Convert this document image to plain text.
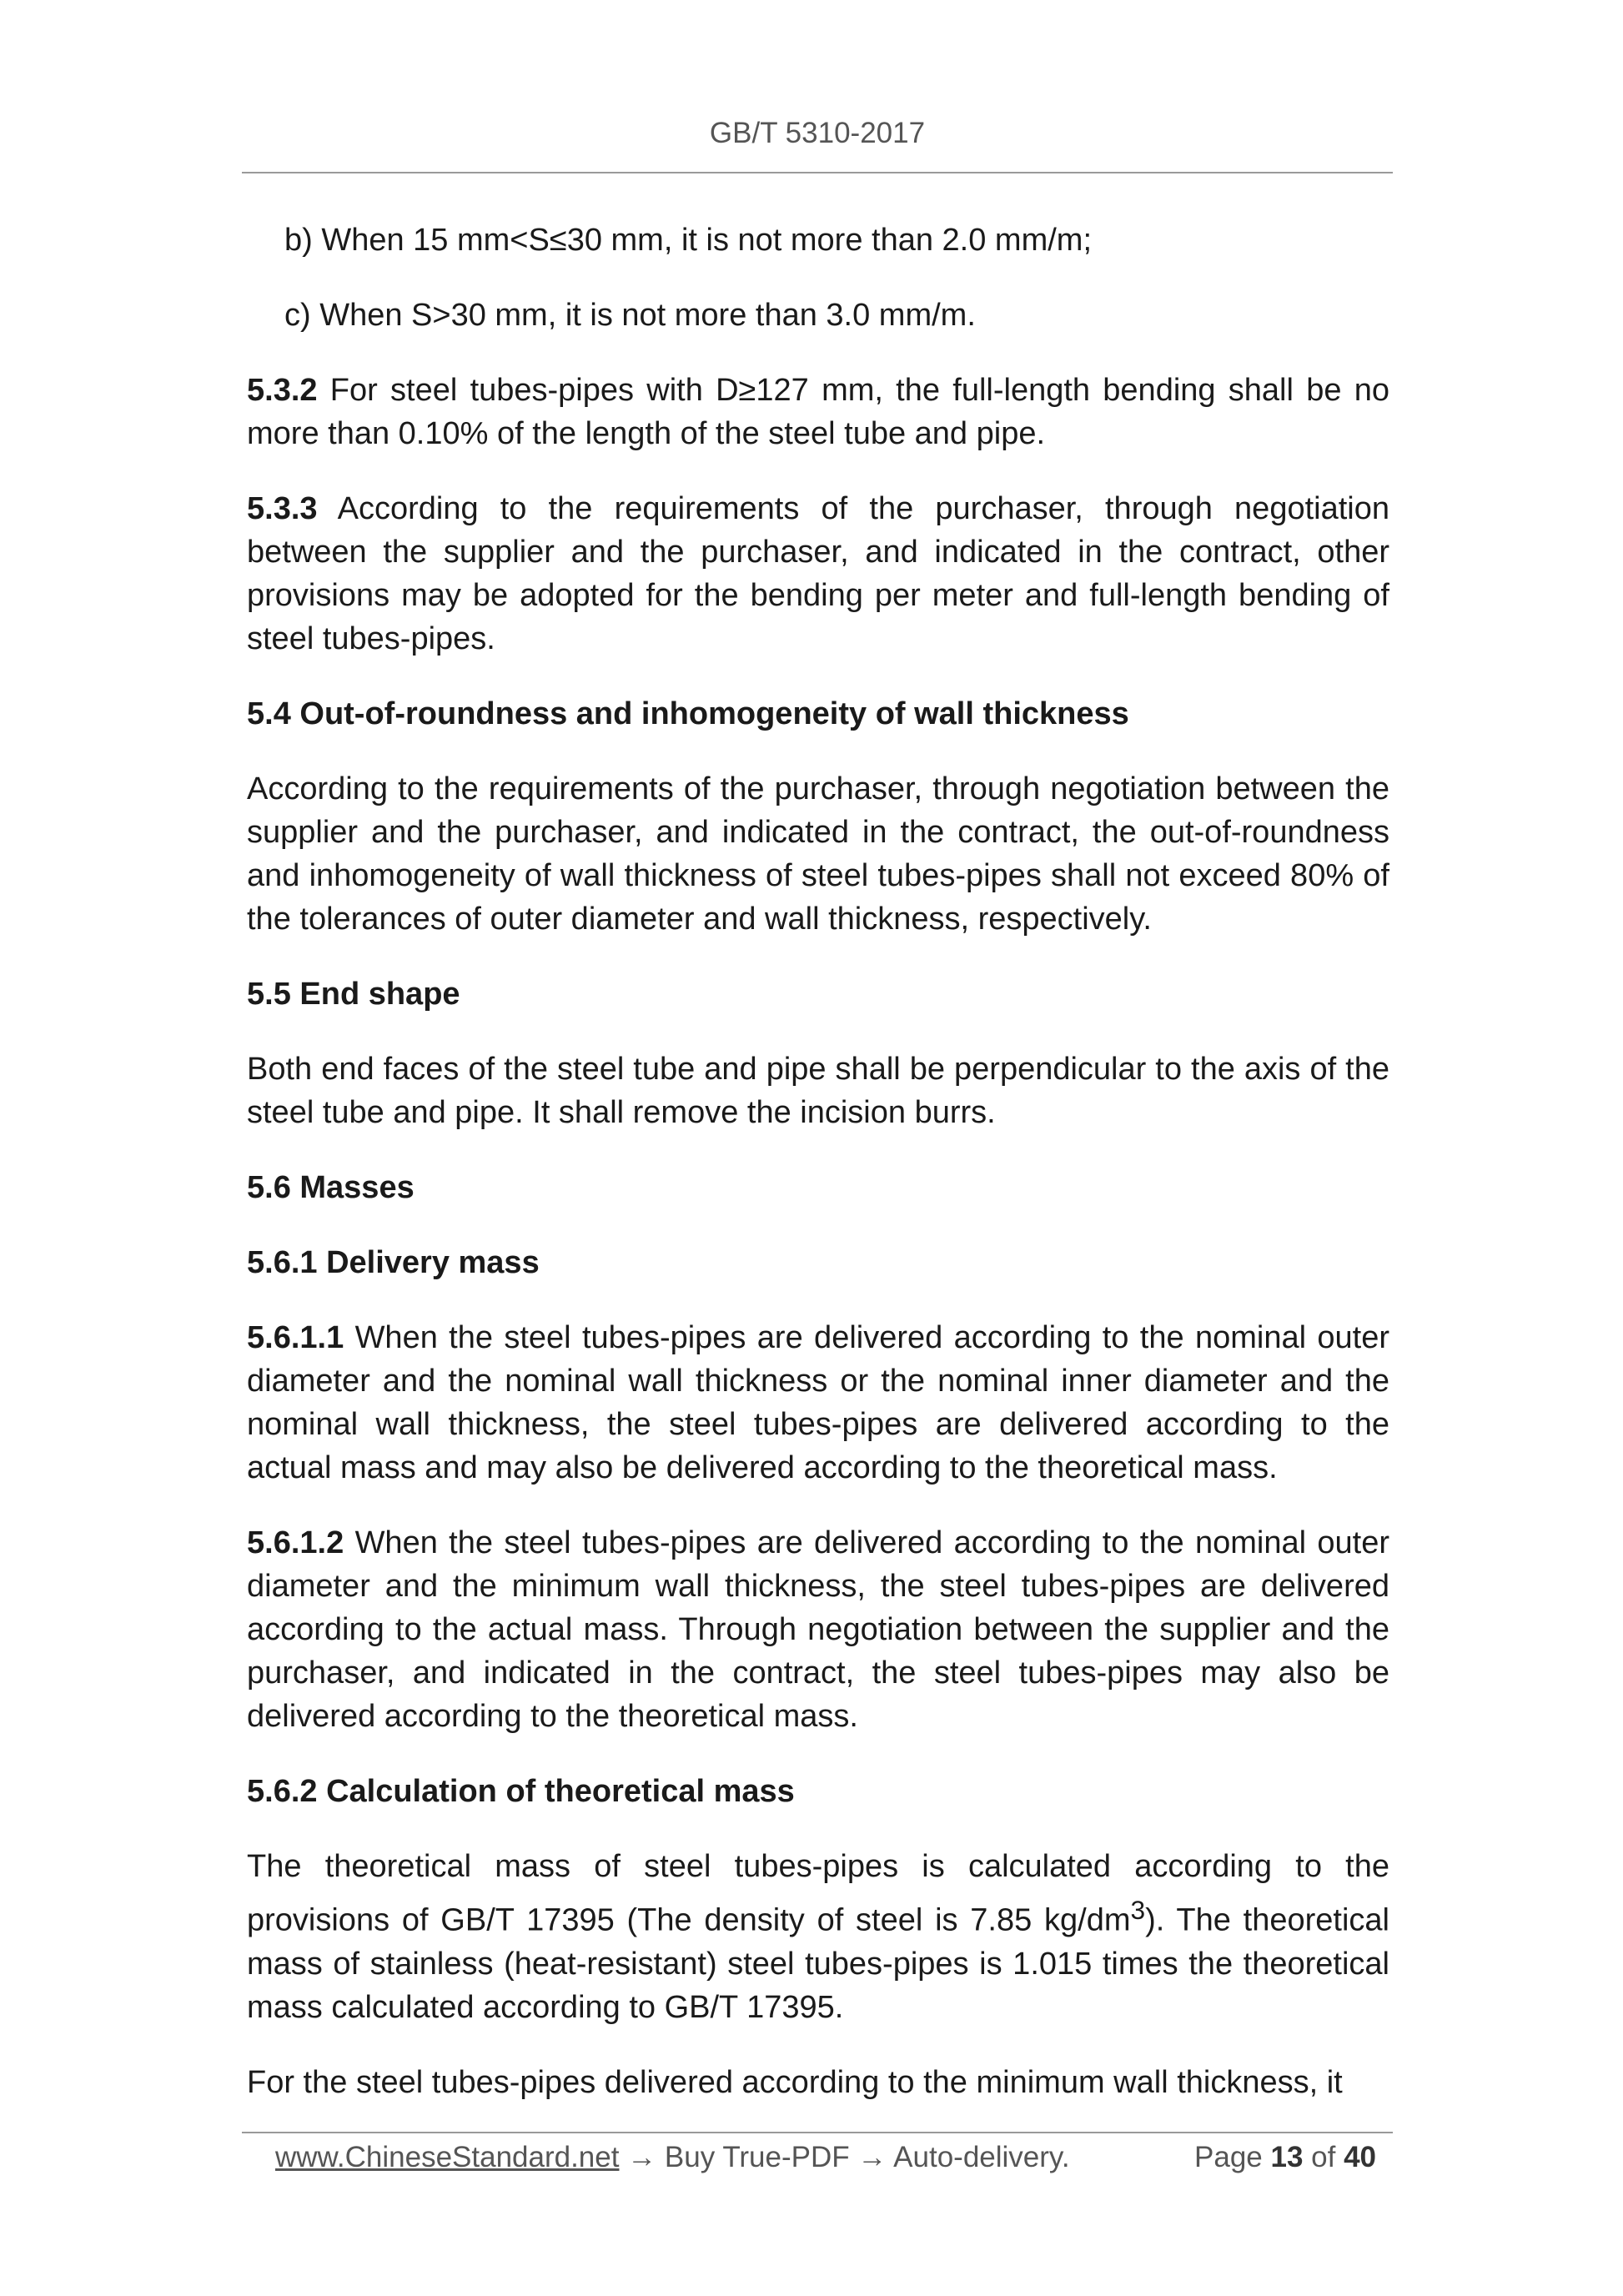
GB/T 5310-2017

b) When 15 mm<S≤30 mm, it is not more than 2.0 mm/m;

c) When S>30 mm, it is not more than 3.0 mm/m.

5.3.2 For steel tubes-pipes with D≥127 mm, the full-length bending shall be no more than 0.10% of the length of the steel tube and pipe.

5.3.3 According to the requirements of the purchaser, through negotiation between the supplier and the purchaser, and indicated in the contract, other provisions may be adopted for the bending per meter and full-length bending of steel tubes-pipes.

5.4 Out-of-roundness and inhomogeneity of wall thickness

According to the requirements of the purchaser, through negotiation between the supplier and the purchaser, and indicated in the contract, the out-of-roundness and inhomogeneity of wall thickness of steel tubes-pipes shall not exceed 80% of the tolerances of outer diameter and wall thickness, respectively.

5.5 End shape

Both end faces of the steel tube and pipe shall be perpendicular to the axis of the steel tube and pipe. It shall remove the incision burrs.

5.6 Masses

5.6.1 Delivery mass

5.6.1.1 When the steel tubes-pipes are delivered according to the nominal outer diameter and the nominal wall thickness or the nominal inner diameter and the nominal wall thickness, the steel tubes-pipes are delivered according to the actual mass and may also be delivered according to the theoretical mass.

5.6.1.2 When the steel tubes-pipes are delivered according to the nominal outer diameter and the minimum wall thickness, the steel tubes-pipes are delivered according to the actual mass. Through negotiation between the supplier and the purchaser, and indicated in the contract, the steel tubes-pipes may also be delivered according to the theoretical mass.

5.6.2 Calculation of theoretical mass

The theoretical mass of steel tubes-pipes is calculated according to the provisions of GB/T 17395 (The density of steel is 7.85 $kg/dm^3$). The theoretical mass of stainless (heat-resistant) steel tubes-pipes is 1.015 times the theoretical mass calculated according to GB/T 17395.

For the steel tubes-pipes delivered according to the minimum wall thickness, it

www.ChineseStandard.net → Buy True-PDF → Auto-delivery.	Page 13 of 40
